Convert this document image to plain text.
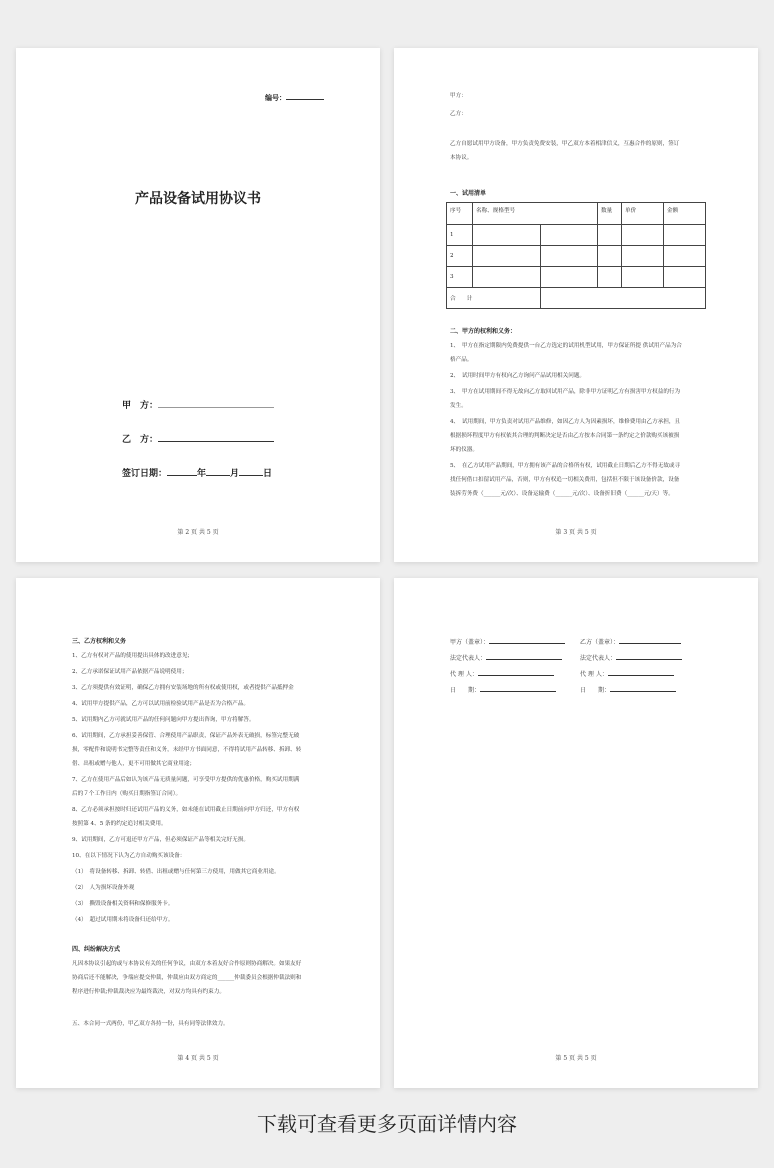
编号：
产品设备试用协议书
甲　方：
乙　方：
签订日期：	年	月	日
第 2 页 共 5 页
甲方：
乙方：
乙方自愿试用甲方设备，甲方负责免费安装，甲乙双方本着相津信义，互惠合作的原则，签订
本协议。
一、试用清单
序号	名称、规格型号		数量	单价	金额
1					
2					
3					
合　　计					
二、甲方的权利和义务：
1、　甲方在指定期限内免费提供一台乙方选定的试用机型试用，甲方保证所提 供试用产品为合
格产品。
2、　试用时间甲方有权向乙方询问产品试用相关问题。
3、　甲方在试用期间不得无故向乙方取回试用产品，除非甲方证明乙方有损害甲方权益的行为
发生。
4、　试用期间，甲方负责对试用产品维修，如因乙方人为因素损坏，维修费用由乙方承担，且
根据损坏程度甲方有权依其合理的判断决定是否由乙方按本合同第一条约定之价款购买该被损
坏的仪器。
5、　在乙方试用产品期间，甲方拥有该产品的合格所有权，试用截止日期后乙方不得无故或寻
找任何借口扣留试用产品，否则，甲方有权追一切相关费用，包括但不限于该设备价款，设备
装拆劳务费（______元/次）、设备运输费（______元/次）、设备折旧费（______元/天）等。
第 3 页 共 5 页
三、乙方权利和义务
1、乙方有权对产品的使用提出具体的改进意见；
2、乙方承诺保证试用产品依据产品说明使用；
3、乙方须提供有效证明，确保乙方拥有安装场地的所有权或使用权，或者提供产品抵押金
4、试用甲方提供产品，乙方可以试用前检验试用产品是否为合格产品。
5、试用期内乙方可就试用产品的任何问题向甲方提出咨询，甲方将解答。
6、试用期间，乙方承担妥善保管、合理使用产品职责，保证产品外表无破损，标签完整无破
损，零配件和说明书完整等责任和义务，未经甲方书面同意，不得将试用产品转移、拆卸、转
借、出租或赠与他人，更不可用做其它商业用途；
7、乙方在使用产品后如认为该产品无质量问题，可享受甲方提供的优惠价格，购买试用期满
后的７个工作日内（购买日期指签订合同）。
8、乙方必须承担按时归还试用产品的义务，如未能在试用截止日期前向甲方归还，甲方有权
按照第 4、5 条的约定追讨相关费用。
9、试用期间，乙方可退还甲方产品，但必须保证产品等相关完好无损。
10、在以下情况下认为乙方自动购买该设备：
（1）　将设备转移、拆卸、转借、出租或赠与任何第三方使用，用做其它商业用途。
（2）　人为损坏设备外观
（3）　撕毁设备相关资料和保修服务卡。
（4）　超过试用期未将设备归还给甲方。
四、纠纷解决方式
凡因本协议引起的或与本协议有关的任何争议，由双方本着友好合作原则协商解决。如果友好
协商后还不能解决，争端应提交仲裁，仲裁应由双方商定的______仲裁委员会根据仲裁法则和
程序进行仲裁;仲裁裁决应为最终裁决，对双方均具有约束力。
五、本合同一式两份，甲乙双方各持一份，具有同等法律效力。
第 4 页 共 5 页
甲方（盖章）：
法定代表人：
代 理 人：
日　　期：
乙方（盖章）：
法定代表人：
代 理 人：
日　　期：
第 5 页 共 5 页
下载可查看更多页面详情内容
